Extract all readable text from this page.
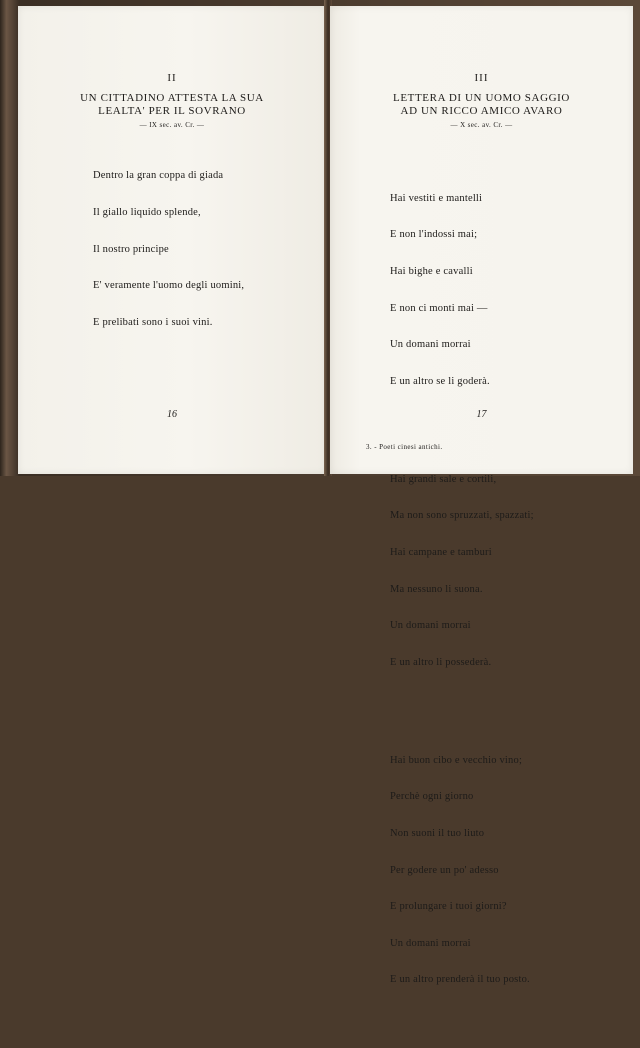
II
UN CITTADINO ATTESTA LA SUA
LEALTA' PER IL SOVRANO
— IX sec. av. Cr. —

Dentro la gran coppa di giada

Il giallo liquido splende,

Il nostro principe

E' veramente l'uomo degli uomini,

E prelibati sono i suoi vini.

16
III
LETTERA DI UN UOMO SAGGIO
AD UN RICCO AMICO AVARO
— X sec. av. Cr. —

Hai vestiti e mantelli

E non l'indossi mai;

Hai bighe e cavalli

E non ci monti mai —

Un domani morrai

E un altro se li goderà.

Hai grandi sale e cortili,

Ma non sono spruzzati, spazzati;

Hai campane e tamburi

Ma nessuno li suona.

Un domani morrai

E un altro li possederà.

Hai buon cibo e vecchio vino;

Perchè ogni giorno

Non suoni il tuo liuto

Per godere un po' adesso

E prolungare i tuoi giorni?

Un domani morrai

E un altro prenderà il tuo posto.

17
3. - Poeti cinesi antichi.
